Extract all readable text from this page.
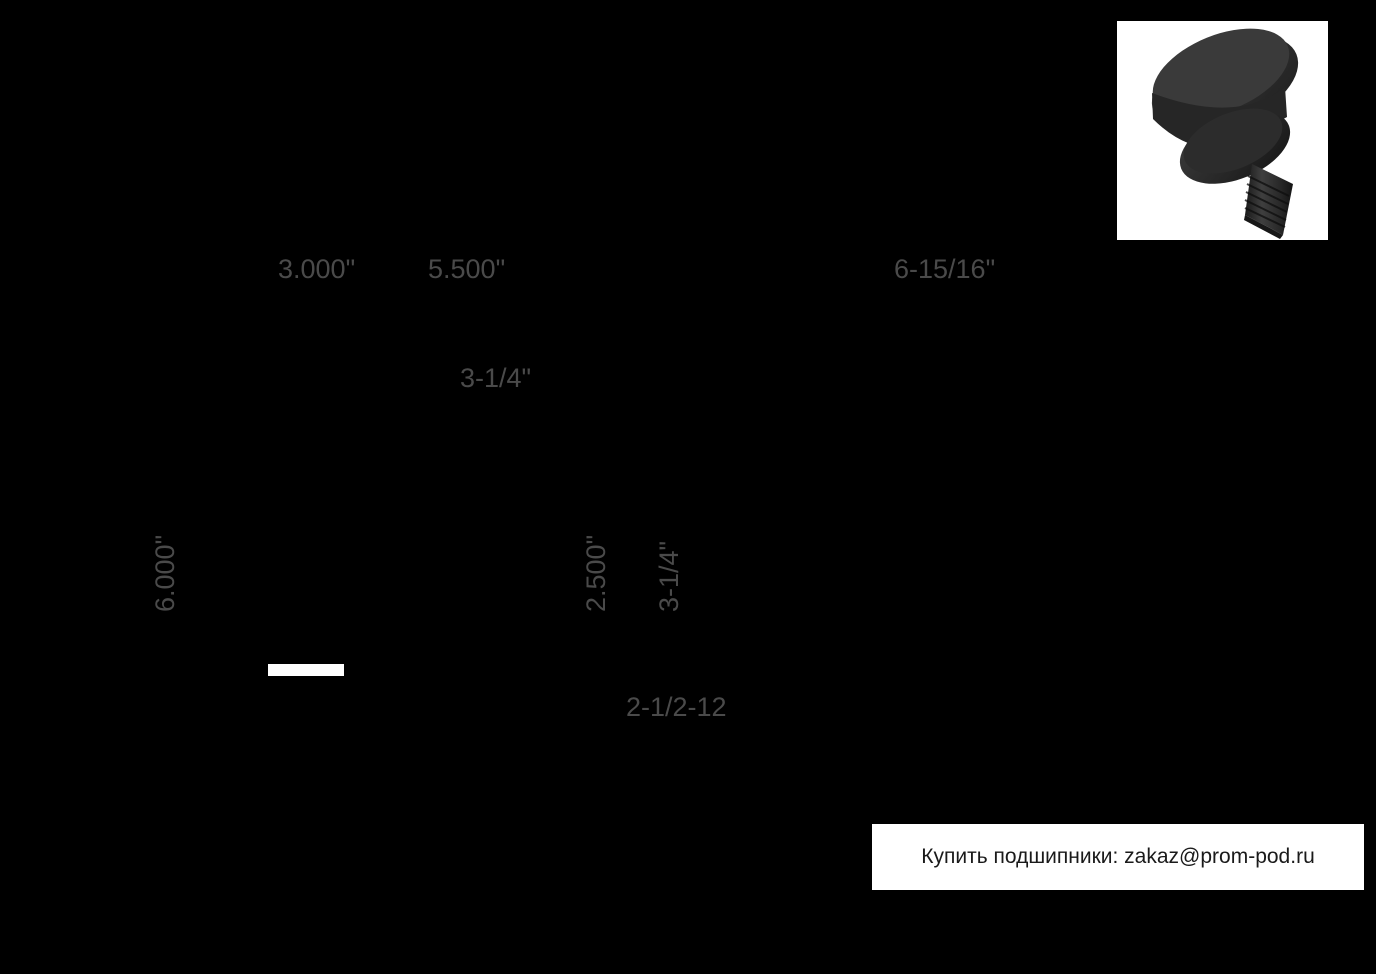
3.000"	5.500"	6-15/16"
3-1/4"
2-1/2-12
6.000"	2.500" 3-1/4"
Купить подшипники: zakaz@prom-pod.ru
